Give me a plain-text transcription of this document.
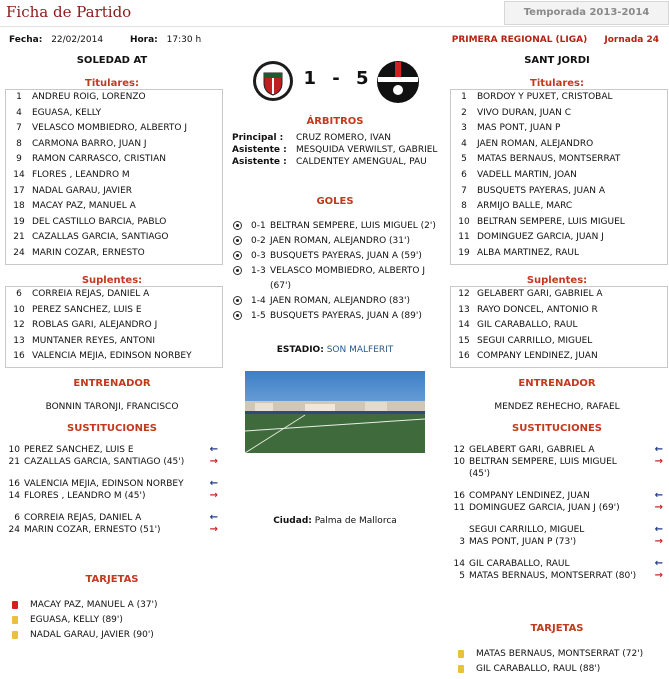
Ficha de Partido	Temporada 2013-2014
Fecha: 22/02/2014	Hora: 17:30 h	PRIMERA REGIONAL (LIGA) Jornada 24
SOLEDAD AT	SANT JORDI
1 - 5
Titulares:	Titulares:
1 ANDREU ROIG, LORENZO
4 EGUASA, KELLY
7 VELASCO MOMBIEDRO, ALBERTO J
8 CARMONA BARRO, JUAN J
9 RAMON CARRASCO, CRISTIAN
14 FLORES , LEANDRO M
17 NADAL GARAU, JAVIER
18 MACAY PAZ, MANUEL A
19 DEL CASTILLO BARCIA, PABLO
21 CAZALLAS GARCIA, SANTIAGO
24 MARIN COZAR, ERNESTO
1 BORDOY Y PUXET, CRISTOBAL
2 VIVO DURAN, JUAN C
3 MAS PONT, JUAN P
4 JAEN ROMAN, ALEJANDRO
5 MATAS BERNAUS, MONTSERRAT
6 VADELL MARTIN, JOAN
7 BUSQUETS PAYERAS, JUAN A
8 ARMIJO BALLE, MARC
10 BELTRAN SEMPERE, LUIS MIGUEL
11 DOMINGUEZ GARCIA, JUAN J
19 ALBA MARTINEZ, RAUL
Suplentes:	Suplentes:
6 CORREIA REJAS, DANIEL A
10 PEREZ SANCHEZ, LUIS E
12 ROBLAS GARI, ALEJANDRO J
13 MUNTANER REYES, ANTONI
16 VALENCIA MEJIA, EDINSON NORBEY
12 GELABERT GARI, GABRIEL A
13 RAYO DONCEL, ANTONIO R
14 GIL CARABALLO, RAUL
15 SEGUI CARRILLO, MIGUEL
16 COMPANY LENDINEZ, JUAN
ÁRBITROS
Principal : CRUZ ROMERO, IVAN
Asistente : MESQUIDA VERWILST, GABRIEL
Asistente : CALDENTEY AMENGUAL, PAU
GOLES
0-1 BELTRAN SEMPERE, LUIS MIGUEL (2')
0-2 JAEN ROMAN, ALEJANDRO (31')
0-3 BUSQUETS PAYERAS, JUAN A (59')
1-3 VELASCO MOMBIEDRO, ALBERTO J
(67')
1-4 JAEN ROMAN, ALEJANDRO (83')
1-5 BUSQUETS PAYERAS, JUAN A (89')
ESTADIO: SON MALFERIT
Ciudad: Palma de Mallorca
ENTRENADOR	ENTRENADOR
BONNIN TARONJI, FRANCISCO	MENDEZ REHECHO, RAFAEL
SUSTITUCIONES	SUSTITUCIONES
10 PEREZ SANCHEZ, LUIS E	←
21 CAZALLAS GARCIA, SANTIAGO (45')	→
16 VALENCIA MEJIA, EDINSON NORBEY	←
14 FLORES , LEANDRO M (45')	→
6 CORREIA REJAS, DANIEL A	←
24 MARIN COZAR, ERNESTO (51')	→
12 GELABERT GARI, GABRIEL A	←
10 BELTRAN SEMPERE, LUIS MIGUEL	→
(45')
16 COMPANY LENDINEZ, JUAN	←
11 DOMINGUEZ GARCIA, JUAN J (69')	→
SEGUI CARRILLO, MIGUEL	←
3 MAS PONT, JUAN P (73')	→
14 GIL CARABALLO, RAUL	←
5 MATAS BERNAUS, MONTSERRAT (80') →
TARJETAS
TARJETAS
MACAY PAZ, MANUEL A (37')
EGUASA, KELLY (89')
NADAL GARAU, JAVIER (90')
MATAS BERNAUS, MONTSERRAT (72')
GIL CARABALLO, RAUL (88')
